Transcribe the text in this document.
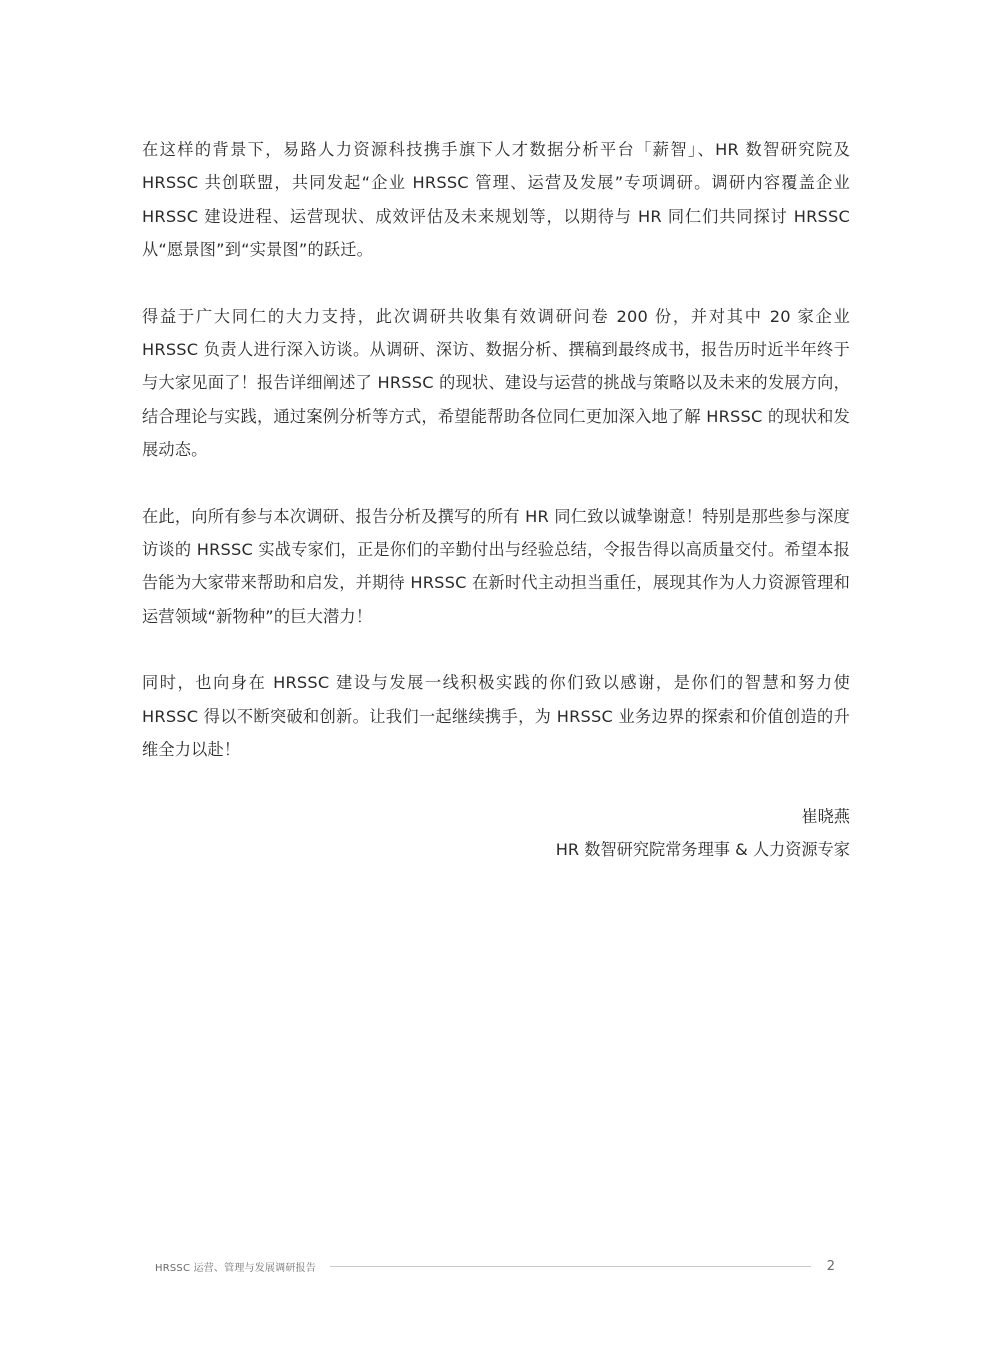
在这样的背景下，易路人力资源科技携手旗下人才数据分析平台「薪智」、HR 数智研究院及 HRSSC 共创联盟，共同发起“企业 HRSSC 管理、运营及发展”专项调研。调研内容覆盖企业 HRSSC 建设进程、运营现状、成效评估及未来规划等，以期待与 HR 同仁们共同探讨 HRSSC 从“愿景图”到“实景图”的跃迁。

得益于广大同仁的大力支持，此次调研共收集有效调研问卷 200 份，并对其中 20 家企业 HRSSC 负责人进行深入访谈。从调研、深访、数据分析、撰稿到最终成书，报告历时近半年终于与大家见面了！报告详细阐述了 HRSSC 的现状、建设与运营的挑战与策略以及未来的发展方向，结合理论与实践，通过案例分析等方式，希望能帮助各位同仁更加深入地了解 HRSSC 的现状和发展动态。

在此，向所有参与本次调研、报告分析及撰写的所有 HR 同仁致以诚挚谢意！特别是那些参与深度访谈的 HRSSC 实战专家们，正是你们的辛勤付出与经验总结，令报告得以高质量交付。希望本报告能为大家带来帮助和启发，并期待 HRSSC 在新时代主动担当重任，展现其作为人力资源管理和运营领域“新物种”的巨大潜力！

同时，也向身在 HRSSC 建设与发展一线积极实践的你们致以感谢，是你们的智慧和努力使 HRSSC 得以不断突破和创新。让我们一起继续携手，为 HRSSC 业务边界的探索和价值创造的升维全力以赴！

崔晓燕
HR 数智研究院常务理事 & 人力资源专家
HRSSC 运营、管理与发展调研报告	2
